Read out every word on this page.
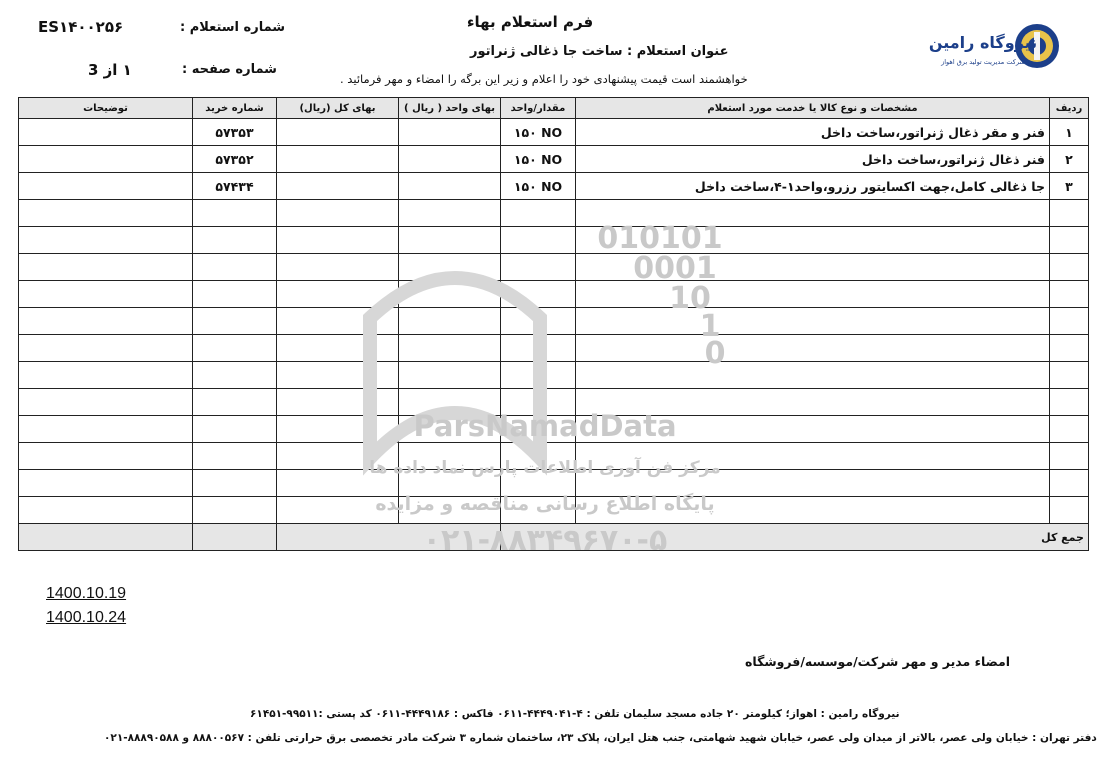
نیروگاه رامین
شرکت مدیریت تولید برق اهواز
فرم استعلام بهاء
شماره استعلام :
ES۱۴۰۰۲۵۶
عنوان استعلام : ساخت جا ذغالی ژنراتور
شماره صفحه :
۱ از 3	خواهشمند است قیمت پیشنهادی خود را اعلام و زیر این برگه را امضاء و مهر فرمائید .
ردیف	مشخصات و نوع کالا یا خدمت مورد استعلام	مقدار/واحد	بهای واحد ( ریال )	بهای کل (ریال)	شماره خرید	توضیحات
۱	فنر و مقر ذغال ژنراتور،ساخت داخل	۱۵۰ NO			۵۷۳۵۳	
۲	فنر ذغال ژنراتور،ساخت داخل	۱۵۰ NO			۵۷۳۵۲	
۳	جا ذغالی کامل،جهت اکسایتور رزرو،واحد۱-۴،ساخت داخل	۱۵۰ NO			۵۷۴۳۴	

جمع کل						
010101
0001
10
1
0
ParsNamadData
مرکز فن آوری اطلاعات پارس نماد داده ها
پایگاه اطلاع رسانی مناقصه و مزایده
۰۲۱-۸۸۳۴۹۶۷۰-۵
1400.10.19
1400.10.24
امضاء مدیر و مهر شرکت/موسسه/فروشگاه
نیروگاه رامین : اهواز؛ کیلومتر ۲۰ جاده مسجد سلیمان تلفن : ۴-۴۴۴۹۰۴۱-۰۶۱۱ فاکس : ۴۴۴۹۱۸۶-۰۶۱۱ کد پستی :۹۹۵۱۱-۶۱۴۵۱
دفتر تهران : خیابان ولی عصر، بالاتر از میدان ولی عصر، خیابان شهید شهامتی، جنب هتل ایران، پلاک ۲۳، ساختمان شماره ۳ شرکت مادر تخصصی برق حرارتی تلفن : ۸۸۸۰۰۵۶۷ و ۸۸۸۹۰۵۸۸-۰۲۱
